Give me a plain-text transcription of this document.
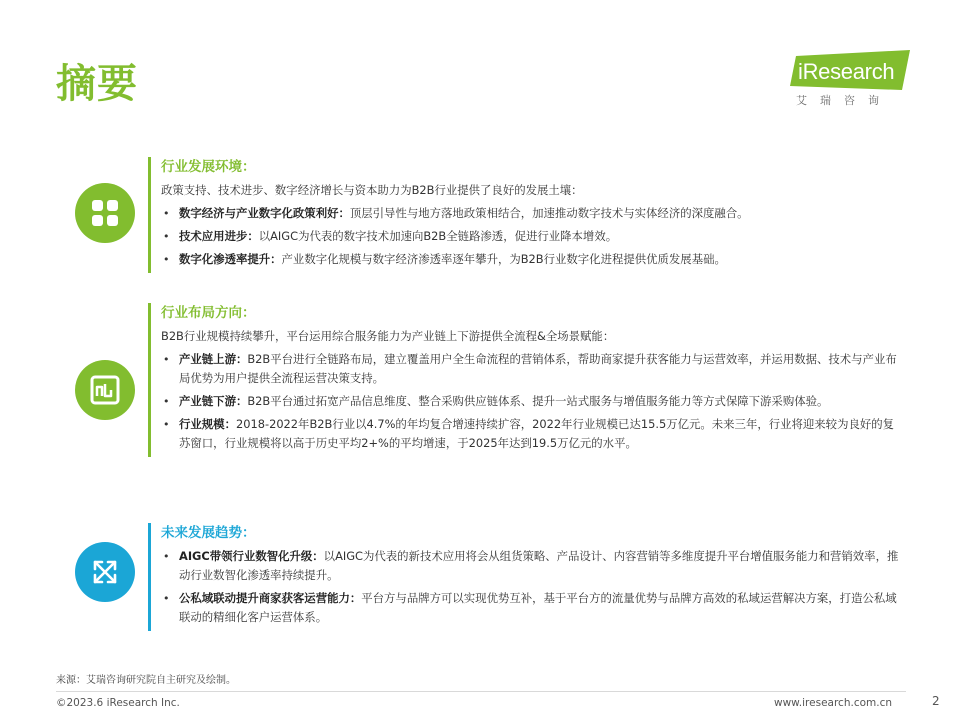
摘要	iResearch
艾瑞咨询
行业发展环境：
政策支持、技术进步、数字经济增长与资本助力为B2B行业提供了良好的发展土壤：
• 数字经济与产业数字化政策利好：顶层引导性与地方落地政策相结合，加速推动数字技术与实体经济的深度融合。
• 技术应用进步：以AIGC为代表的数字技术加速向B2B全链路渗透，促进行业降本增效。
• 数字化渗透率提升：产业数字化规模与数字经济渗透率逐年攀升，为B2B行业数字化进程提供优质发展基础。
行业布局方向：
B2B行业规模持续攀升，平台运用综合服务能力为产业链上下游提供全流程&全场景赋能：
• 产业链上游：B2B平台进行全链路布局，建立覆盖用户全生命流程的营销体系，帮助商家提升获客能力与运营效率，并运用数据、技术与产业布局优势为用户提供全流程运营决策支持。
• 产业链下游：B2B平台通过拓宽产品信息维度、整合采购供应链体系、提升一站式服务与增值服务能力等方式保障下游采购体验。
• 行业规模：2018-2022年B2B行业以4.7%的年均复合增速持续扩容，2022年行业规模已达15.5万亿元。未来三年，行业将迎来较为良好的复苏窗口，行业规模将以高于历史平均2+%的平均增速，于2025年达到19.5万亿元的水平。
未来发展趋势：
• AIGC带领行业数智化升级：以AIGC为代表的新技术应用将会从组货策略、产品设计、内容营销等多维度提升平台增值服务能力和营销效率，推动行业数智化渗透率持续提升。
• 公私域联动提升商家获客运营能力：平台方与品牌方可以实现优势互补，基于平台方的流量优势与品牌方高效的私域运营解决方案，打造公私域联动的精细化客户运营体系。
来源：艾瑞咨询研究院自主研究及绘制。
©2023.6 iResearch Inc.	www.iresearch.com.cn	2
